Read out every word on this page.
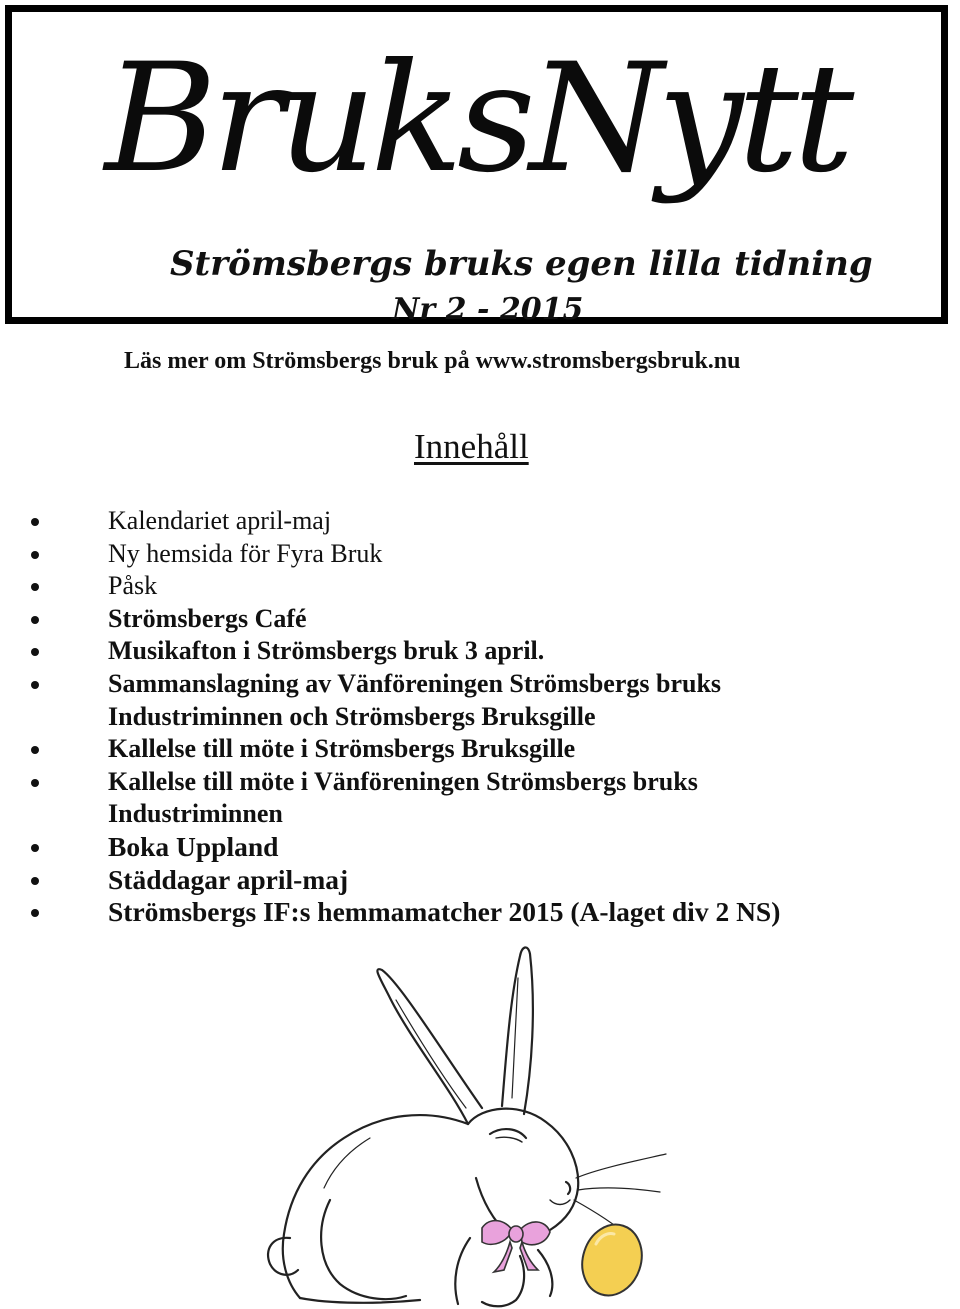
BruksNytt
Strömsbergs bruks egen lilla tidning
Nr 2 - 2015
Läs mer om Strömsbergs bruk på www.stromsbergsbruk.nu
Innehåll
Kalendariet april-maj
Ny hemsida för Fyra Bruk
Påsk
Strömsbergs Café
Musikafton i Strömsbergs bruk 3 april.
Sammanslagning av Vänföreningen Strömsbergs bruks
Industriminnen och Strömsbergs Bruksgille
Kallelse till möte i Strömsbergs Bruksgille
Kallelse till möte i Vänföreningen Strömsbergs bruks
Industriminnen
Boka Uppland
Städdagar april-maj
Strömsbergs IF:s hemmamatcher 2015 (A-laget div 2 NS)
